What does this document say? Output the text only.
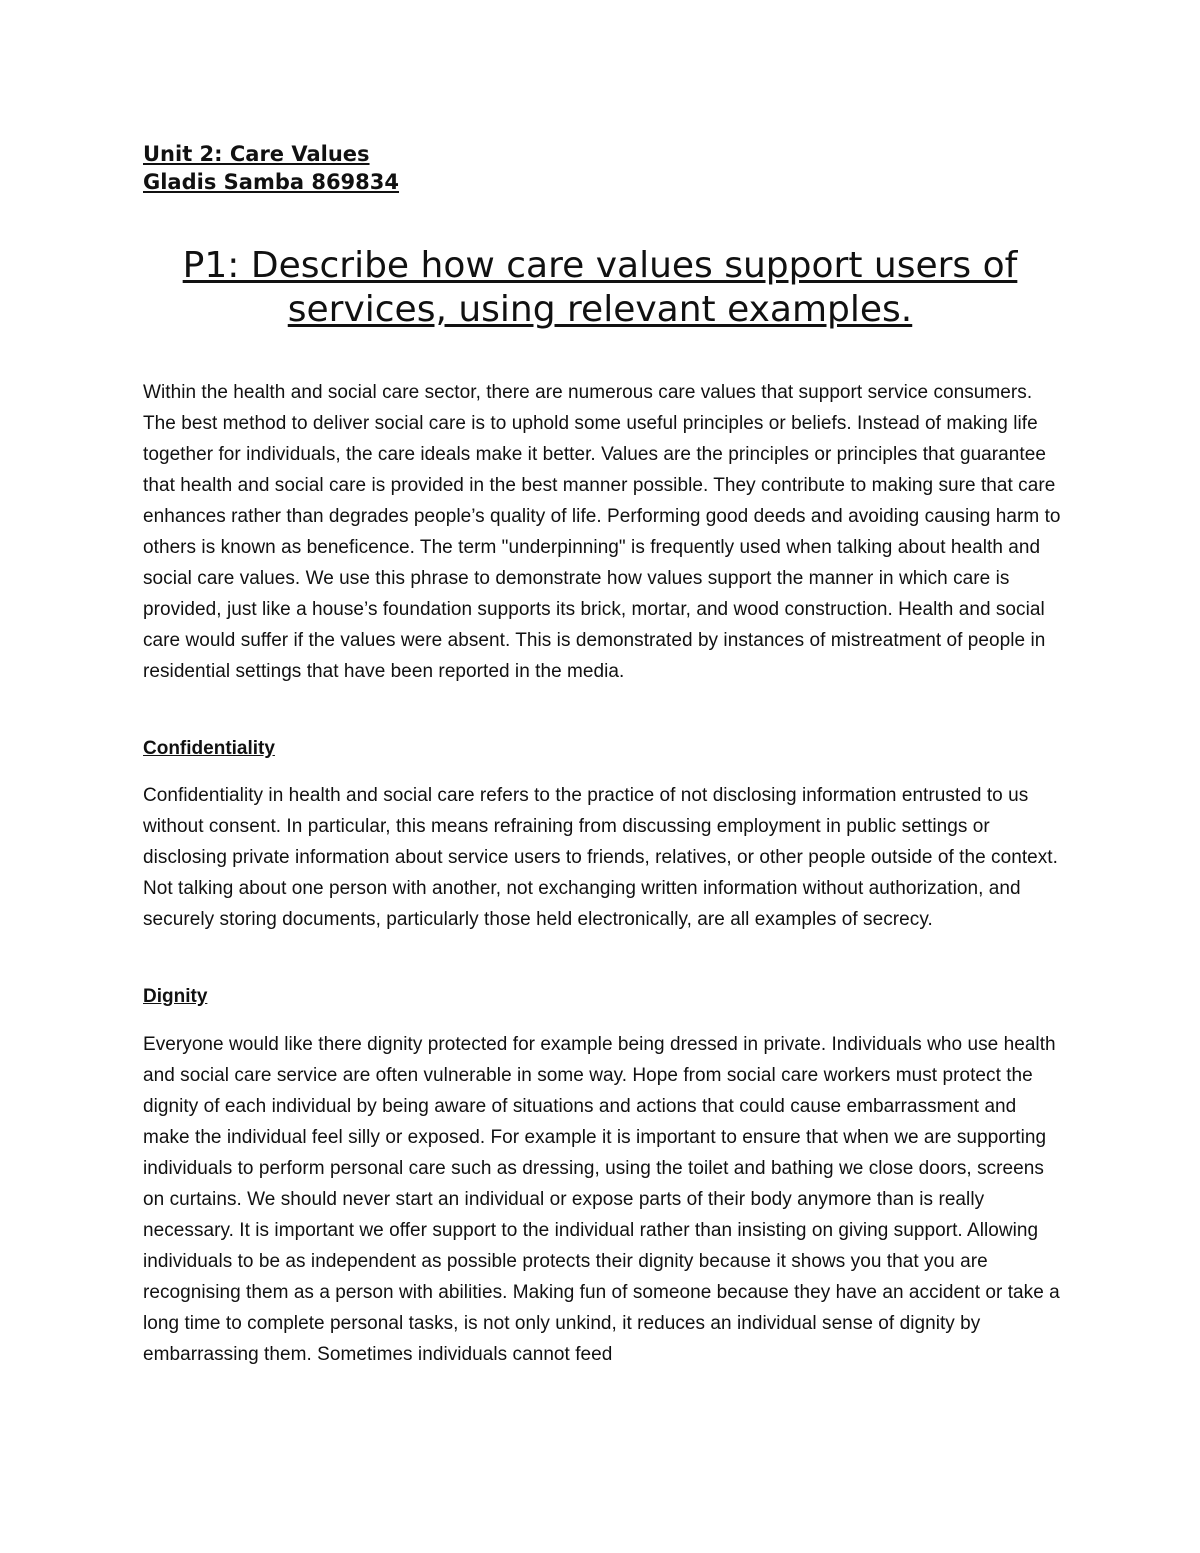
Unit 2: Care Values
Gladis Samba 869834
P1: Describe how care values support users of services, using relevant examples.

Within the health and social care sector, there are numerous care values that support service consumers. The best method to deliver social care is to uphold some useful principles or beliefs. Instead of making life together for individuals, the care ideals make it better. Values are the principles or principles that guarantee that health and social care is provided in the best manner possible. They contribute to making sure that care enhances rather than degrades people’s quality of life. Performing good deeds and avoiding causing harm to others is known as beneficence. The term "underpinning" is frequently used when talking about health and social care values. We use this phrase to demonstrate how values support the manner in which care is provided, just like a house’s foundation supports its brick, mortar, and wood construction. Health and social care would suffer if the values were absent. This is demonstrated by instances of mistreatment of people in residential settings that have been reported in the media.

Confidentiality

Confidentiality in health and social care refers to the practice of not disclosing information entrusted to us without consent. In particular, this means refraining from discussing employment in public settings or disclosing private information about service users to friends, relatives, or other people outside of the context. Not talking about one person with another, not exchanging written information without authorization, and securely storing documents, particularly those held electronically, are all examples of secrecy.

Dignity

Everyone would like there dignity protected for example being dressed in private. Individuals who use health and social care service are often vulnerable in some way. Hope from social care workers must protect the dignity of each individual by being aware of situations and actions that could cause embarrassment and make the individual feel silly or exposed. For example it is important to ensure that when we are supporting individuals to perform personal care such as dressing, using the toilet and bathing we close doors, screens on curtains. We should never start an individual or expose parts of their body anymore than is really necessary. It is important we offer support to the individual rather than insisting on giving support. Allowing individuals to be as independent as possible protects their dignity because it shows you that you are recognising them as a person with abilities. Making fun of someone because they have an accident or take a long time to complete personal tasks, is not only unkind, it reduces an individual sense of dignity by embarrassing them. Sometimes individuals cannot feed
